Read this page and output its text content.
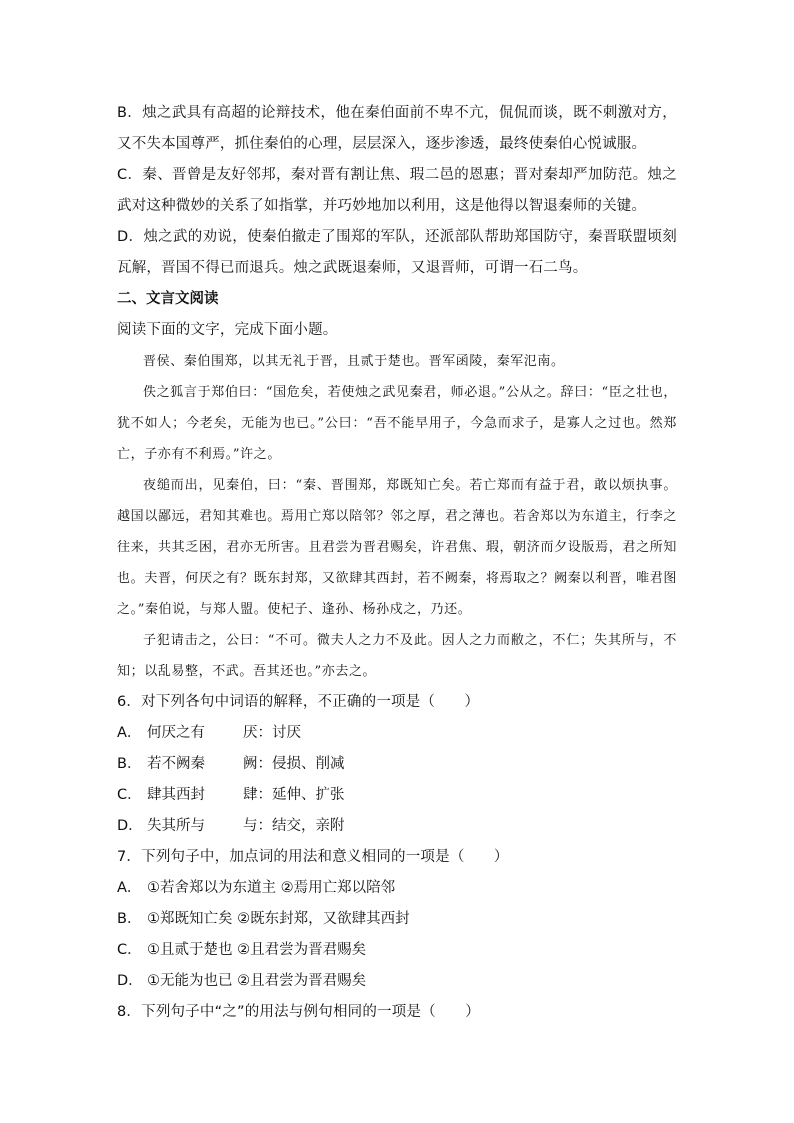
B．烛之武具有高超的论辩技术，他在秦伯面前不卑不亢，侃侃而谈，既不刺激对方，又不失本国尊严，抓住秦伯的心理，层层深入，逐步渗透，最终使秦伯心悦诚服。

C．秦、晋曾是友好邻邦，秦对晋有割让焦、瑕二邑的恩惠；晋对秦却严加防范。烛之武对这种微妙的关系了如指掌，并巧妙地加以利用，这是他得以智退秦师的关键。

D．烛之武的劝说，使秦伯撤走了围郑的军队，还派部队帮助郑国防守，秦晋联盟顷刻瓦解，晋国不得已而退兵。烛之武既退秦师，又退晋师，可谓一石二鸟。

二、文言文阅读

阅读下面的文字，完成下面小题。

晋侯、秦伯围郑，以其无礼于晋，且贰于楚也。晋军函陵，秦军氾南。

佚之狐言于郑伯曰：“国危矣，若使烛之武见秦君，师必退。”公从之。辞曰：“臣之壮也，犹不如人；今老矣，无能为也已。”公曰：“吾不能早用子，今急而求子，是寡人之过也。然郑亡，子亦有不利焉。”许之。

夜缒而出，见秦伯，曰：“秦、晋围郑，郑既知亡矣。若亡郑而有益于君，敢以烦执事。越国以鄙远，君知其难也。焉用亡郑以陪邻？邻之厚，君之薄也。若舍郑以为东道主，行李之往来，共其乏困，君亦无所害。且君尝为晋君赐矣，许君焦、瑕，朝济而夕设版焉，君之所知也。夫晋，何厌之有？既东封郑，又欲肆其西封，若不阙秦，将焉取之？阙秦以利晋，唯君图之。”秦伯说，与郑人盟。使杞子、逢孙、杨孙戍之，乃还。

子犯请击之，公曰：“不可。微夫人之力不及此。因人之力而敝之，不仁；失其所与，不知；以乱易整，不武。吾其还也。”亦去之。

6．对下列各句中词语的解释，不正确的一项是（　　）

A． 何厌之有	厌：讨厌

B． 若不阙秦	阙：侵损、削减

C． 肆其西封	肆：延伸、扩张

D． 失其所与	与：结交，亲附

7．下列句子中，加点词的用法和意义相同的一项是（　　）

A． ①若舍郑以为东道主 ②焉用亡郑以陪邻

B． ①郑既知亡矣 ②既东封郑，又欲肆其西封

C． ①且贰于楚也 ②且君尝为晋君赐矣

D． ①无能为也已 ②且君尝为晋君赐矣

8．下列句子中“之”的用法与例句相同的一项是（　　）
